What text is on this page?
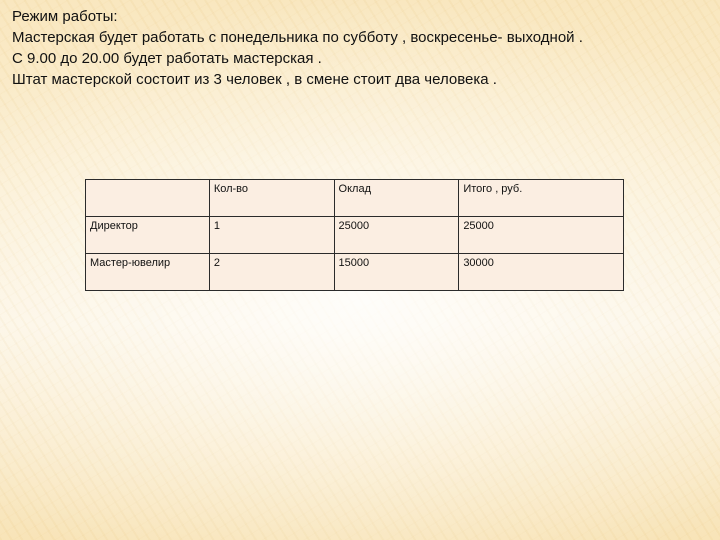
Режим работы:
Мастерская будет работать с понедельника по субботу , воскресенье- выходной .
С 9.00 до 20.00 будет работать мастерская .
Штат мастерской состоит из 3 человек , в смене стоит два человека .
	Кол-во	Оклад	Итого , руб.
Директор	1	25000	25000
Мастер-ювелир	2	15000	30000
